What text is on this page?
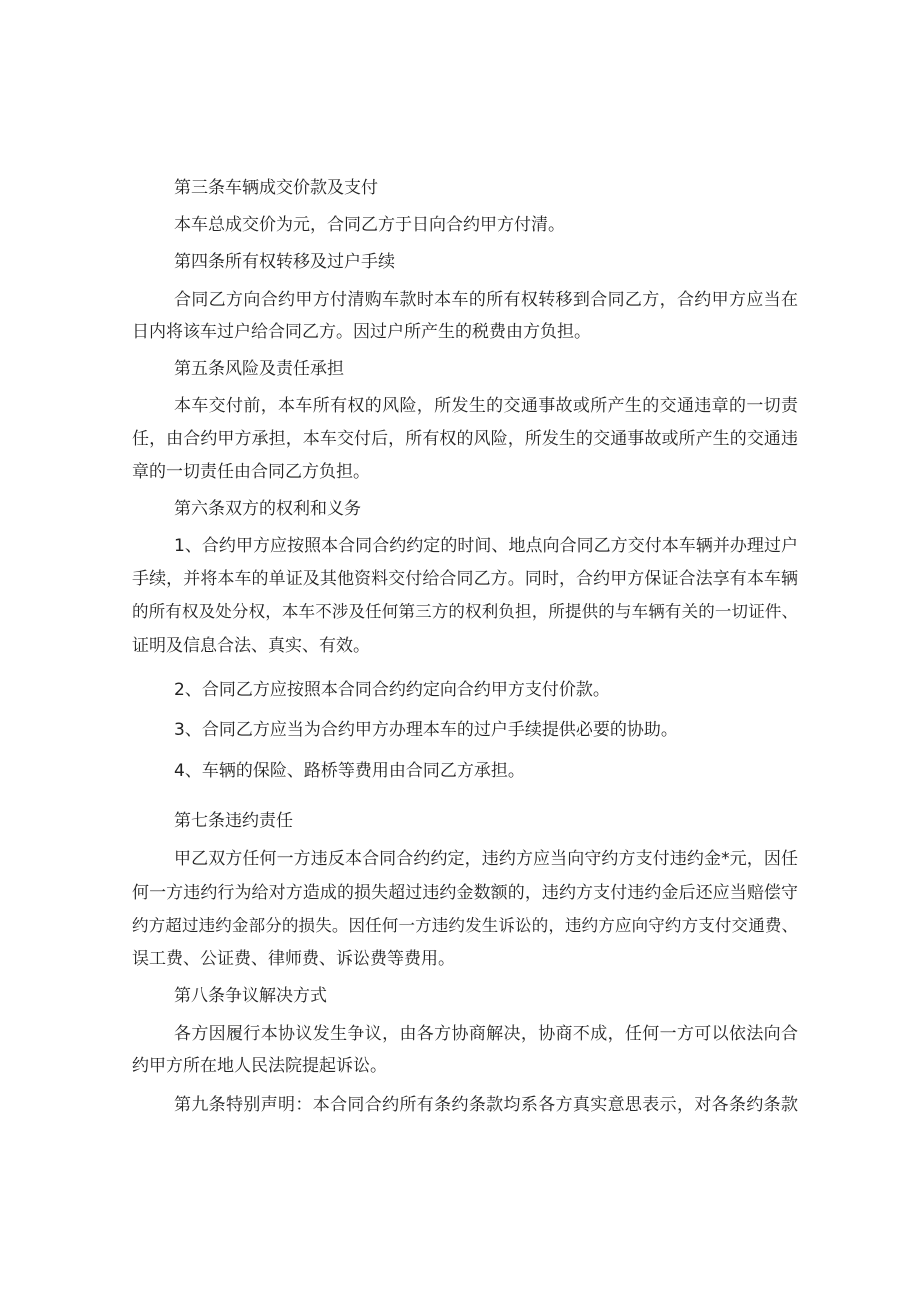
第三条车辆成交价款及支付
本车总成交价为元，合同乙方于日向合约甲方付清。
第四条所有权转移及过户手续
合同乙方向合约甲方付清购车款时本车的所有权转移到合同乙方，合约甲方应当在
日内将该车过户给合同乙方。因过户所产生的税费由方负担。
第五条风险及责任承担
本车交付前，本车所有权的风险，所发生的交通事故或所产生的交通违章的一切责
任，由合约甲方承担，本车交付后，所有权的风险，所发生的交通事故或所产生的交通违
章的一切责任由合同乙方负担。
第六条双方的权利和义务
1、合约甲方应按照本合同合约约定的时间、地点向合同乙方交付本车辆并办理过户
手续，并将本车的单证及其他资料交付给合同乙方。同时，合约甲方保证合法享有本车辆
的所有权及处分权，本车不涉及任何第三方的权利负担，所提供的与车辆有关的一切证件、
证明及信息合法、真实、有效。
2、合同乙方应按照本合同合约约定向合约甲方支付价款。
3、合同乙方应当为合约甲方办理本车的过户手续提供必要的协助。
4、车辆的保险、路桥等费用由合同乙方承担。
第七条违约责任
甲乙双方任何一方违反本合同合约约定，违约方应当向守约方支付违约金*元，因任
何一方违约行为给对方造成的损失超过违约金数额的，违约方支付违约金后还应当赔偿守
约方超过违约金部分的损失。因任何一方违约发生诉讼的，违约方应向守约方支付交通费、
误工费、公证费、律师费、诉讼费等费用。
第八条争议解决方式
各方因履行本协议发生争议，由各方协商解决，协商不成，任何一方可以依法向合
约甲方所在地人民法院提起诉讼。
第九条特别声明：本合同合约所有条约条款均系各方真实意思表示，对各条约条款
